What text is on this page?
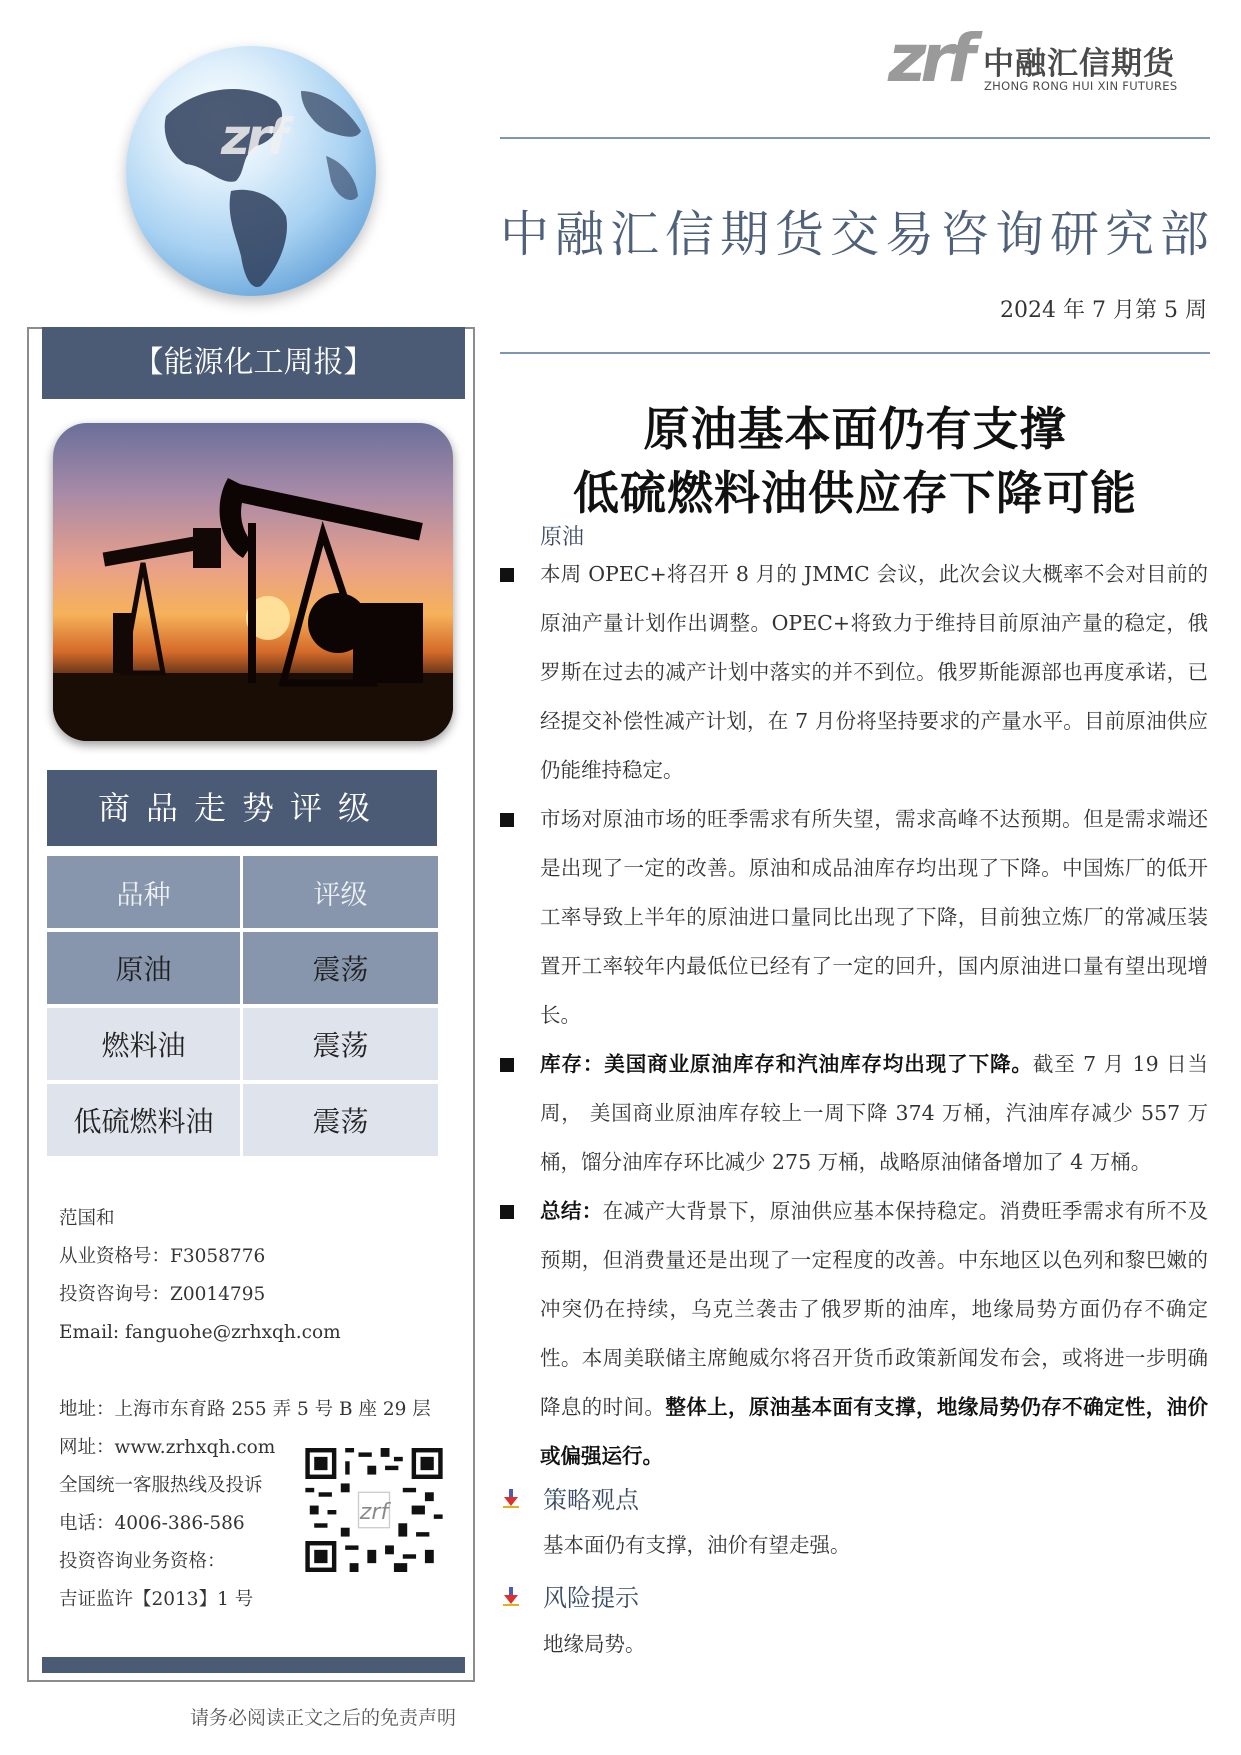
zrf
zrf 中融汇信期货
ZHONG RONG HUI XIN FUTURES
中融汇信期货交易咨询研究部
2024 年 7 月第 5 周
【能源化工周报】
商品走势评级
品种	评级
原油	震荡
燃料油	震荡
低硫燃料油	震荡
范国和
从业资格号：F3058776
投资咨询号：Z0014795
Email: fanguohe@zrhxqh.com
地址：上海市东育路 255 弄 5 号 B 座 29 层
网址：www.zrhxqh.com
全国统一客服热线及投诉
电话：4006-386-586
投资咨询业务资格：
吉证监许【2013】1 号
zrf
请务必阅读正文之后的免责声明
原油基本面仍有支撑
低硫燃料油供应存下降可能
原油
本周 OPEC+将召开 8 月的 JMMC 会议，此次会议大概率不会对目前的原油产量计划作出调整。OPEC+将致力于维持目前原油产量的稳定，俄罗斯在过去的减产计划中落实的并不到位。俄罗斯能源部也再度承诺，已经提交补偿性减产计划，在 7 月份将坚持要求的产量水平。目前原油供应仍能维持稳定。
市场对原油市场的旺季需求有所失望，需求高峰不达预期。但是需求端还是出现了一定的改善。原油和成品油库存均出现了下降。中国炼厂的低开工率导致上半年的原油进口量同比出现了下降，目前独立炼厂的常减压装置开工率较年内最低位已经有了一定的回升，国内原油进口量有望出现增长。
库存：美国商业原油库存和汽油库存均出现了下降。截至 7 月 19 日当周， 美国商业原油库存较上一周下降 374 万桶，汽油库存减少 557 万桶，馏分油库存环比减少 275 万桶，战略原油储备增加了 4 万桶。
总结：在减产大背景下，原油供应基本保持稳定。消费旺季需求有所不及预期，但消费量还是出现了一定程度的改善。中东地区以色列和黎巴嫩的冲突仍在持续，乌克兰袭击了俄罗斯的油库，地缘局势方面仍存不确定性。本周美联储主席鲍威尔将召开货币政策新闻发布会，或将进一步明确降息的时间。整体上，原油基本面有支撑，地缘局势仍存不确定性，油价或偏强运行。
策略观点
基本面仍有支撑，油价有望走强。
风险提示
地缘局势。
